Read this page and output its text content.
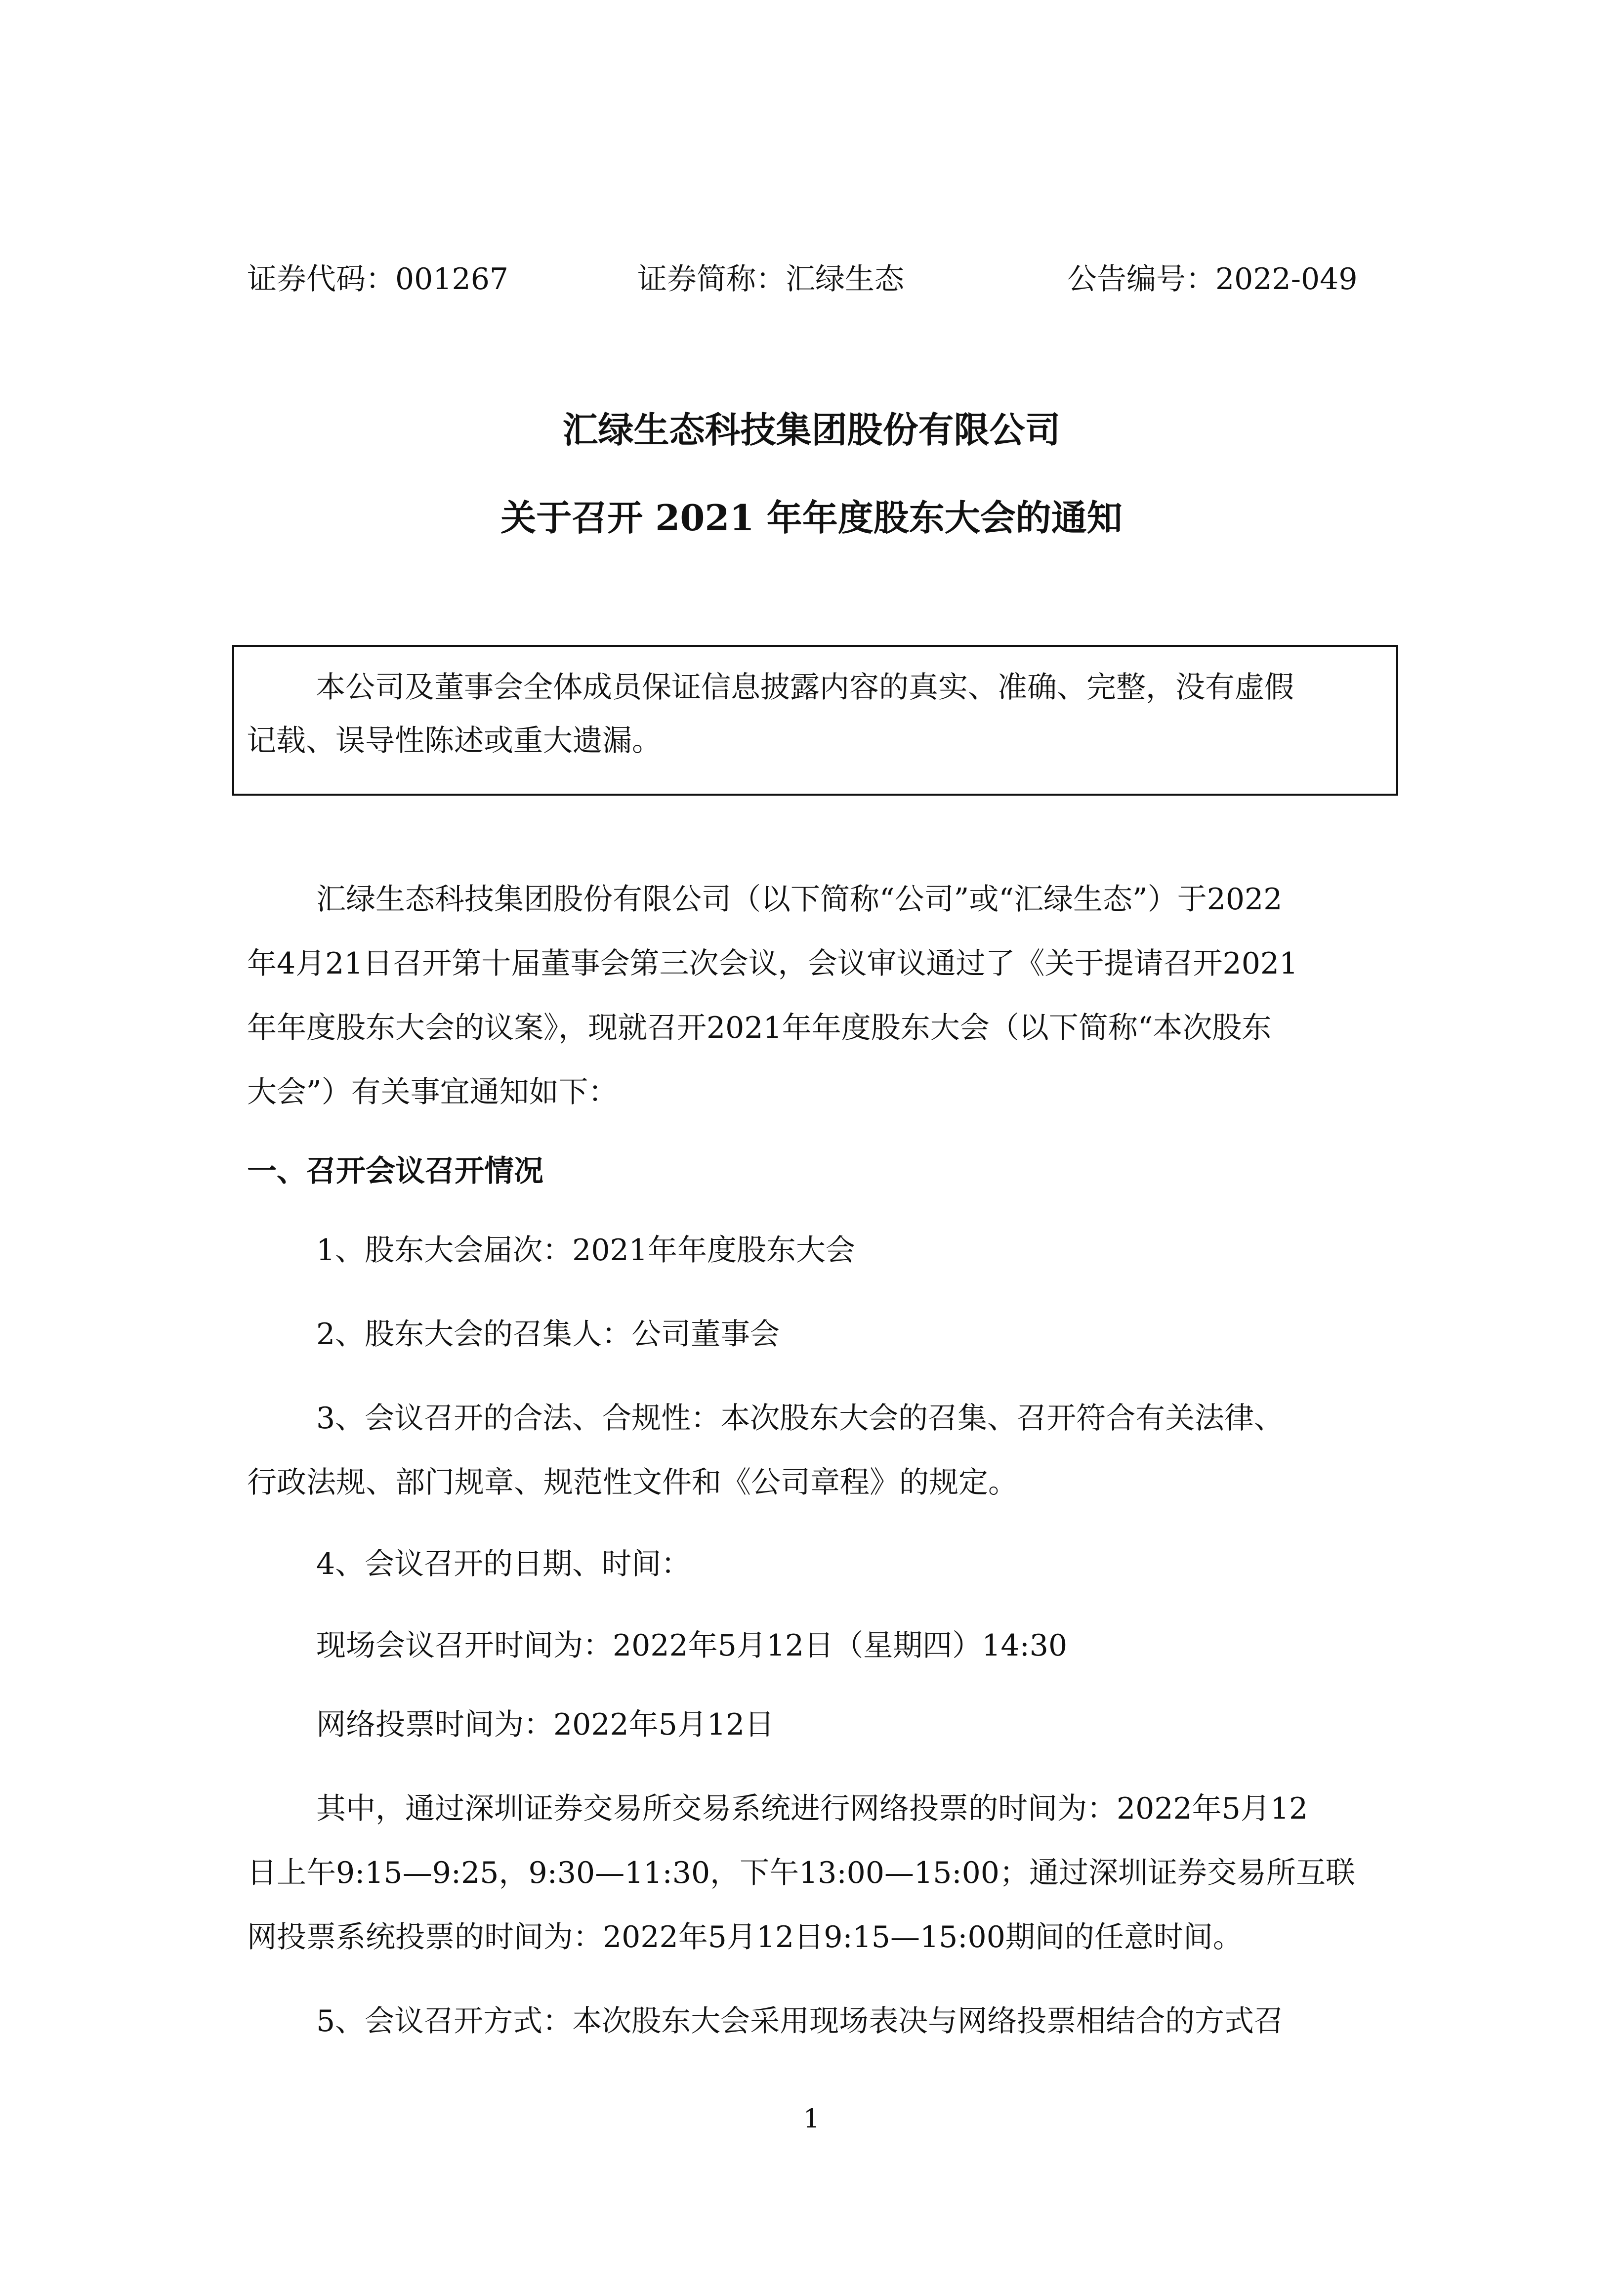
证券代码：001267	证券简称：汇绿生态	公告编号：2022-049
汇绿生态科技集团股份有限公司
关于召开 2021 年年度股东大会的通知
本公司及董事会全体成员保证信息披露内容的真实、准确、完整，没有虚假
记载、误导性陈述或重大遗漏。
汇绿生态科技集团股份有限公司（以下简称“公司”或“汇绿生态”）于2022
年4月21日召开第十届董事会第三次会议，会议审议通过了《关于提请召开2021
年年度股东大会的议案》，现就召开2021年年度股东大会（以下简称“本次股东
大会”）有关事宜通知如下：
一、召开会议召开情况
1、股东大会届次：2021年年度股东大会
2、股东大会的召集人：公司董事会
3、会议召开的合法、合规性：本次股东大会的召集、召开符合有关法律、
行政法规、部门规章、规范性文件和《公司章程》的规定。
4、会议召开的日期、时间：
现场会议召开时间为：2022年5月12日（星期四）14:30
网络投票时间为：2022年5月12日
其中，通过深圳证券交易所交易系统进行网络投票的时间为：2022年5月12
日上午9:15—9:25，9:30—11:30，下午13:00—15:00；通过深圳证券交易所互联
网投票系统投票的时间为：2022年5月12日9:15—15:00期间的任意时间。
5、会议召开方式：本次股东大会采用现场表决与网络投票相结合的方式召
1
